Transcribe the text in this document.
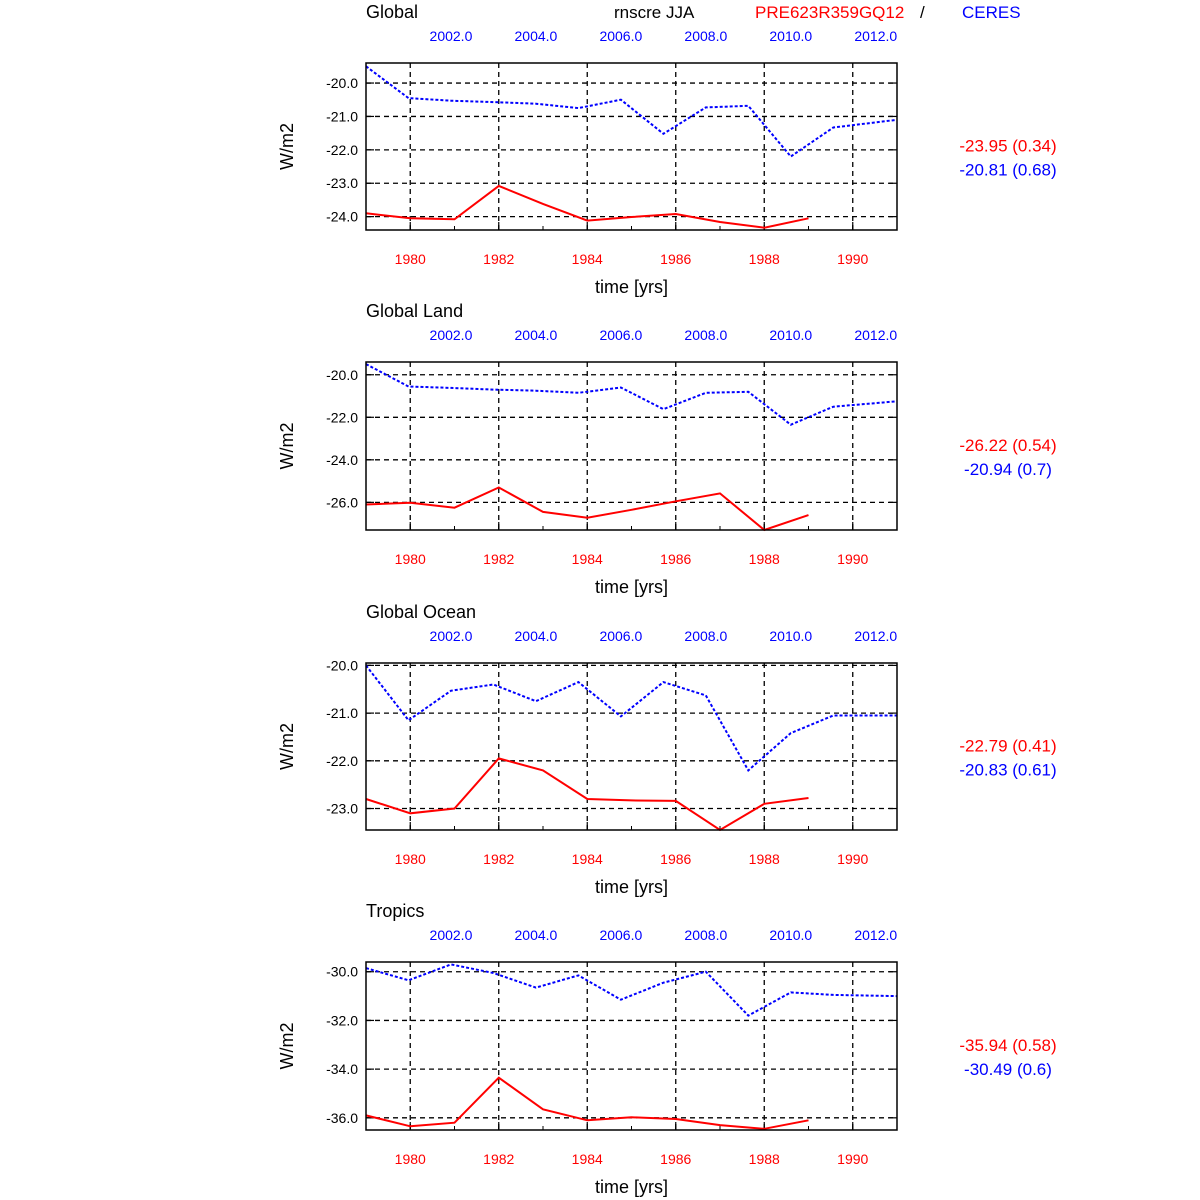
rnscre JJA	PRE623R359GQ12 / CERES
Global
2002.0	2004.0	2006.0	2008.0	2010.0	2012.0
-24.0
-23.0
-22.0
-21.0
-20.0
1980	1982	1984	1986	1988	1990
W/m2
time [yrs]
-23.95 (0.34)
-20.81 (0.68)
Global Land
2002.0	2004.0	2006.0	2008.0	2010.0	2012.0
-26.0
-24.0
-22.0
-20.0
1980	1982	1984	1986	1988	1990
W/m2
time [yrs]
-26.22 (0.54)
-20.94 (0.7)
Global Ocean
2002.0	2004.0	2006.0	2008.0	2010.0	2012.0
-23.0
-22.0
-21.0
-20.0
1980	1982	1984	1986	1988	1990
W/m2
time [yrs]
-22.79 (0.41)
-20.83 (0.61)
Tropics
2002.0	2004.0	2006.0	2008.0	2010.0	2012.0
-36.0
-34.0
-32.0
-30.0
1980	1982	1984	1986	1988	1990
W/m2
time [yrs]
-35.94 (0.58)
-30.49 (0.6)
